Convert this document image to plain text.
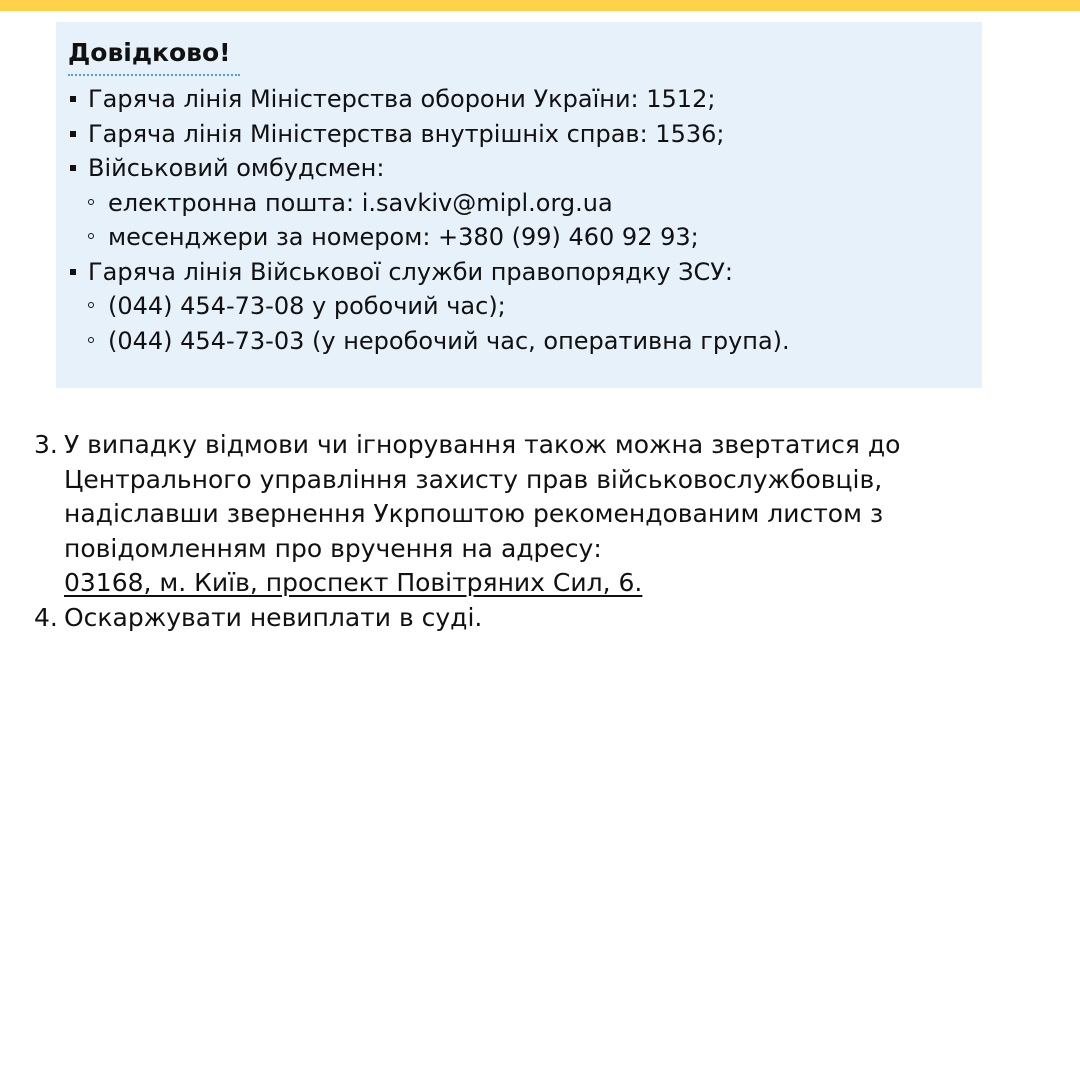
Довідково!
Гаряча лінія Міністерства оборони України: 1512;
Гаряча лінія Міністерства внутрішніх справ: 1536;
Військовий омбудсмен:
електронна пошта: i.savkiv@mipl.org.ua
месенджери за номером: +380 (99) 460 92 93;
Гаряча лінія Військової служби правопорядку ЗСУ:
(044) 454-73-08 у робочий час);
(044) 454-73-03 (у неробочий час, оперативна група).
3. У випадку відмови чи ігнорування також можна звертатися до
Центрального управління захисту прав військовослужбовців,
надіславши звернення Укрпоштою рекомендованим листом з
повідомленням про вручення на адресу:
03168, м. Київ, проспект Повітряних Сил, 6.
4. Оскаржувати невиплати в суді.
